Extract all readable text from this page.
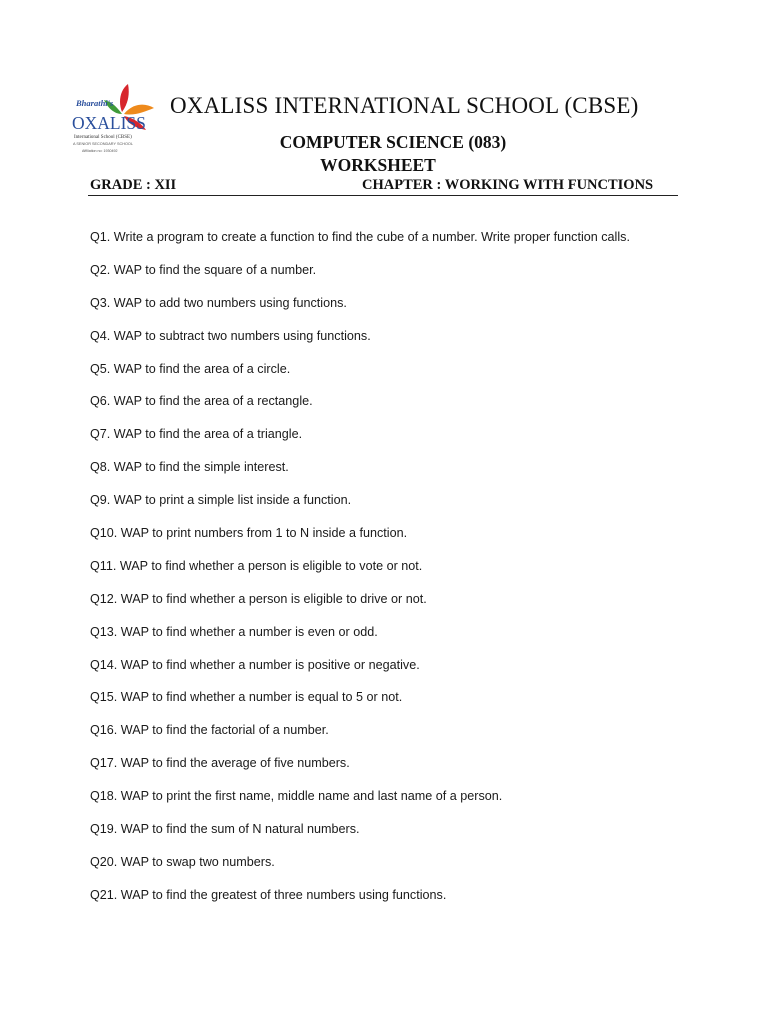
Bharathi's
OXALISS
International School (CBSE)
A SENIOR SECONDARY SCHOOL
Affiliation no: 1930492
OXALISS INTERNATIONAL SCHOOL (CBSE)
COMPUTER SCIENCE (083)
WORKSHEET
GRADE : XII	CHAPTER : WORKING WITH FUNCTIONS
Q1. Write a program to create a function to find the cube of a number. Write proper function calls.
Q2. WAP to find the square of a number.
Q3. WAP to add two numbers using functions.
Q4. WAP to subtract two numbers using functions.
Q5. WAP to find the area of a circle.
Q6. WAP to find the area of a rectangle.
Q7. WAP to find the area of a triangle.
Q8. WAP to find the simple interest.
Q9. WAP to print a simple list inside a function.
Q10. WAP to print numbers from 1 to N inside a function.
Q11. WAP to find whether a person is eligible to vote or not.
Q12. WAP to find whether a person is eligible to drive or not.
Q13. WAP to find whether a number is even or odd.
Q14. WAP to find whether a number is positive or negative.
Q15. WAP to find whether a number is equal to 5 or not.
Q16. WAP to find the factorial of a number.
Q17. WAP to find the average of five numbers.
Q18. WAP to print the first name, middle name and last name of a person.
Q19. WAP to find the sum of N natural numbers.
Q20. WAP to swap two numbers.
Q21. WAP to find the greatest of three numbers using functions.
